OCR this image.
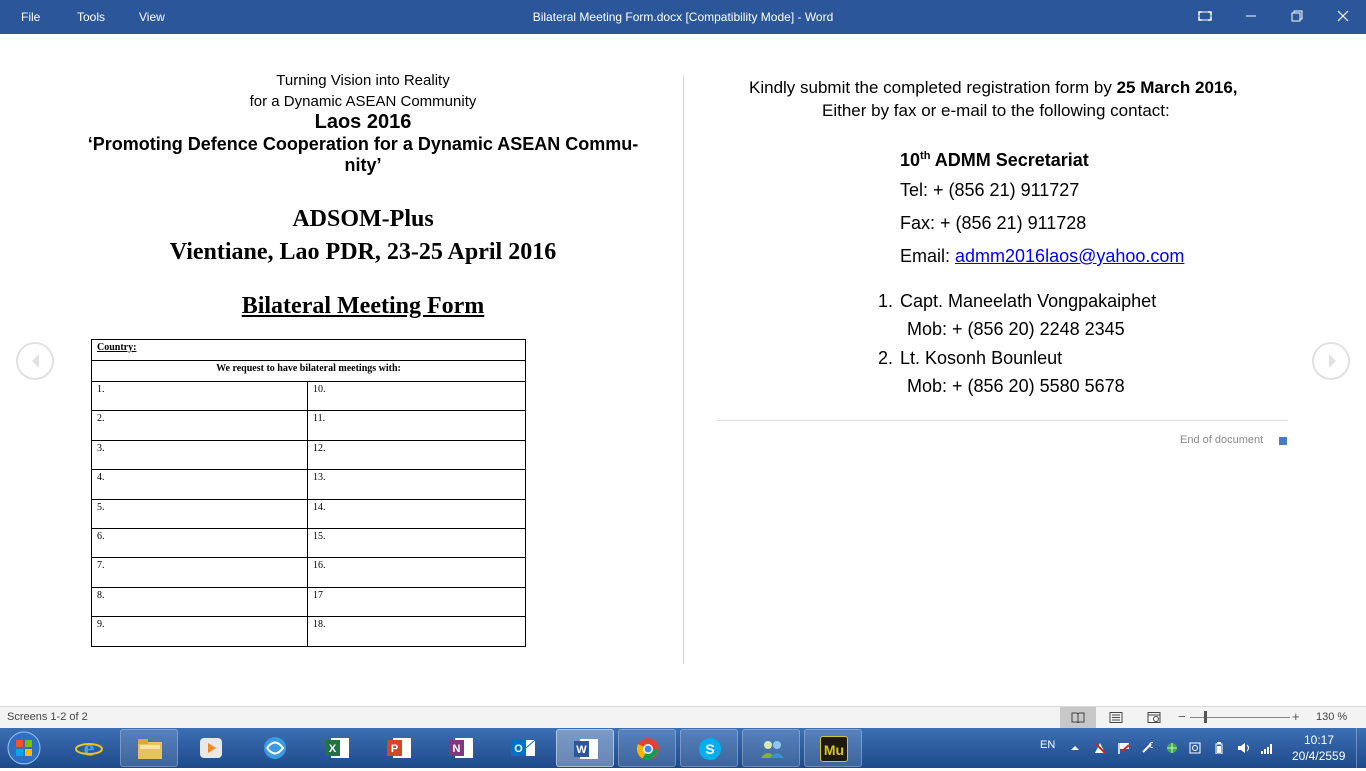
File	Tools	View	Bilateral Meeting Form.docx [Compatibility Mode] - Word
Turning Vision into Reality
for a Dynamic ASEAN Community
Laos 2016
‘Promoting Defence Cooperation for a Dynamic ASEAN Commu-
nity’
ADSOM-Plus
Vientiane, Lao PDR, 23-25 April 2016
Bilateral Meeting Form
Country:	
We request to have bilateral meetings with:	
1.	10.
2.	11.
3.	12.
4.	13.
5.	14.
6.	15.
7.	16.
8.	17
9.	18.
Kindly submit the completed registration form by 25 March 2016,
Either by fax or e-mail to the following contact:
10th ADMM Secretariat
Tel: + (856 21) 911727
Fax: + (856 21) 911728
Email: admm2016laos@yahoo.com
1. Capt. Maneelath Vongpakaiphet
Mob: + (856 20) 2248 2345
2. Lt. Kosonh Bounleut
Mob: + (856 20) 5580 5678
End of document
Screens 1-2 of 2	−	+ 130 %
e	X	P	N	O	W	S	Mu	EN	10:17
20/4/2559
